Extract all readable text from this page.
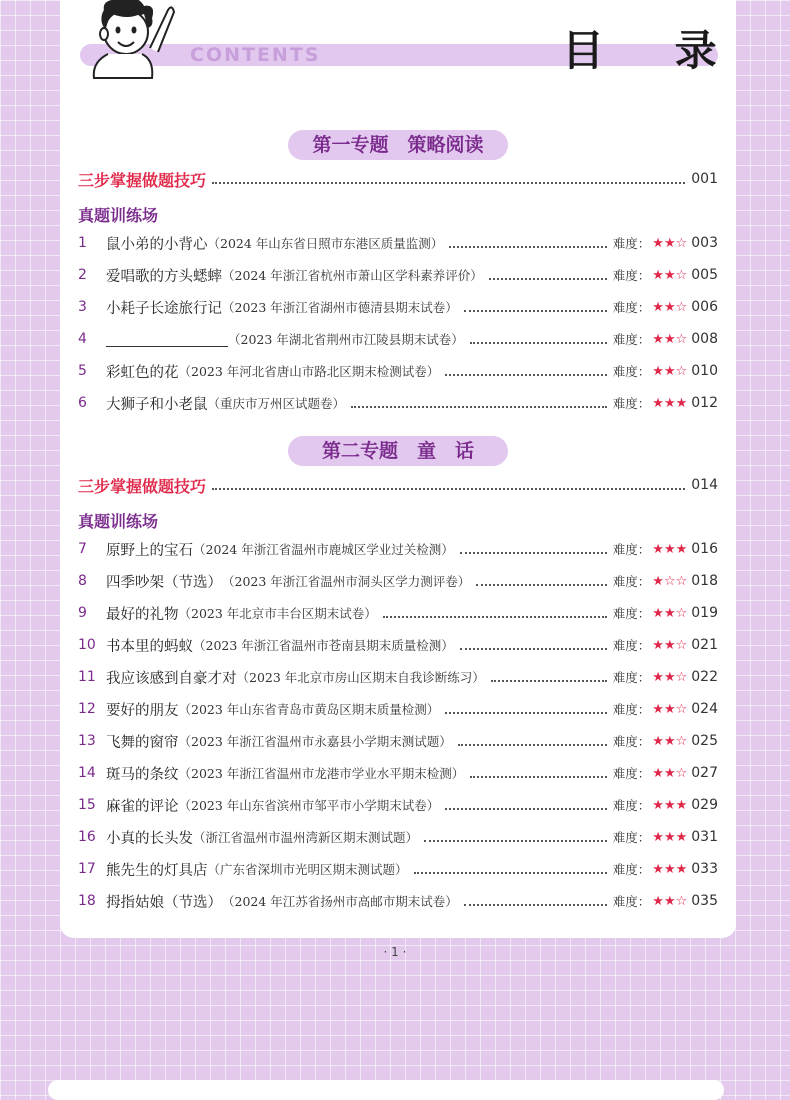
CONTENTS	目 录
第一专题　策略阅读
三步掌握做题技巧	001
真题训练场
1	鼠小弟的小背心 （2024 年山东省日照市东港区质量监测）	难度： ★★☆ 003
2	爱唱歌的方头蟋蟀 （2024 年浙江省杭州市萧山区学科素养评价）	难度： ★★☆ 005
3	小耗子长途旅行记 （2023 年浙江省湖州市德清县期末试卷）	难度： ★★☆ 006
4	（2023 年湖北省荆州市江陵县期末试卷）	难度： ★★☆ 008
5	彩虹色的花 （2023 年河北省唐山市路北区期末检测试卷）	难度： ★★☆ 010
6	大狮子和小老鼠 （重庆市万州区试题卷）	难度： ★★★ 012
第二专题　童　话
三步掌握做题技巧	014
真题训练场
7	原野上的宝石 （2024 年浙江省温州市鹿城区学业过关检测）	难度： ★★★ 016
8	四季吵架（节选） （2023 年浙江省温州市洞头区学力测评卷）	难度： ★☆☆ 018
9	最好的礼物 （2023 年北京市丰台区期末试卷）	难度： ★★☆ 019
10 书本里的蚂蚁 （2023 年浙江省温州市苍南县期末质量检测）	难度： ★★☆ 021
11 我应该感到自豪才对 （2023 年北京市房山区期末自我诊断练习）	难度： ★★☆ 022
12 要好的朋友 （2023 年山东省青岛市黄岛区期末质量检测）	难度： ★★☆ 024
13 飞舞的窗帘 （2023 年浙江省温州市永嘉县小学期末测试题）	难度： ★★☆ 025
14 斑马的条纹 （2023 年浙江省温州市龙港市学业水平期末检测）	难度： ★★☆ 027
15 麻雀的评论 （2023 年山东省滨州市邹平市小学期末试卷）	难度： ★★★ 029
16 小真的长头发 （浙江省温州市温州湾新区期末测试题）	难度： ★★★ 031
17 熊先生的灯具店 （广东省深圳市光明区期末测试题）	难度： ★★★ 033
18 拇指姑娘（节选） （2024 年江苏省扬州市高邮市期末试卷）	难度： ★★☆ 035
· 1 ·
